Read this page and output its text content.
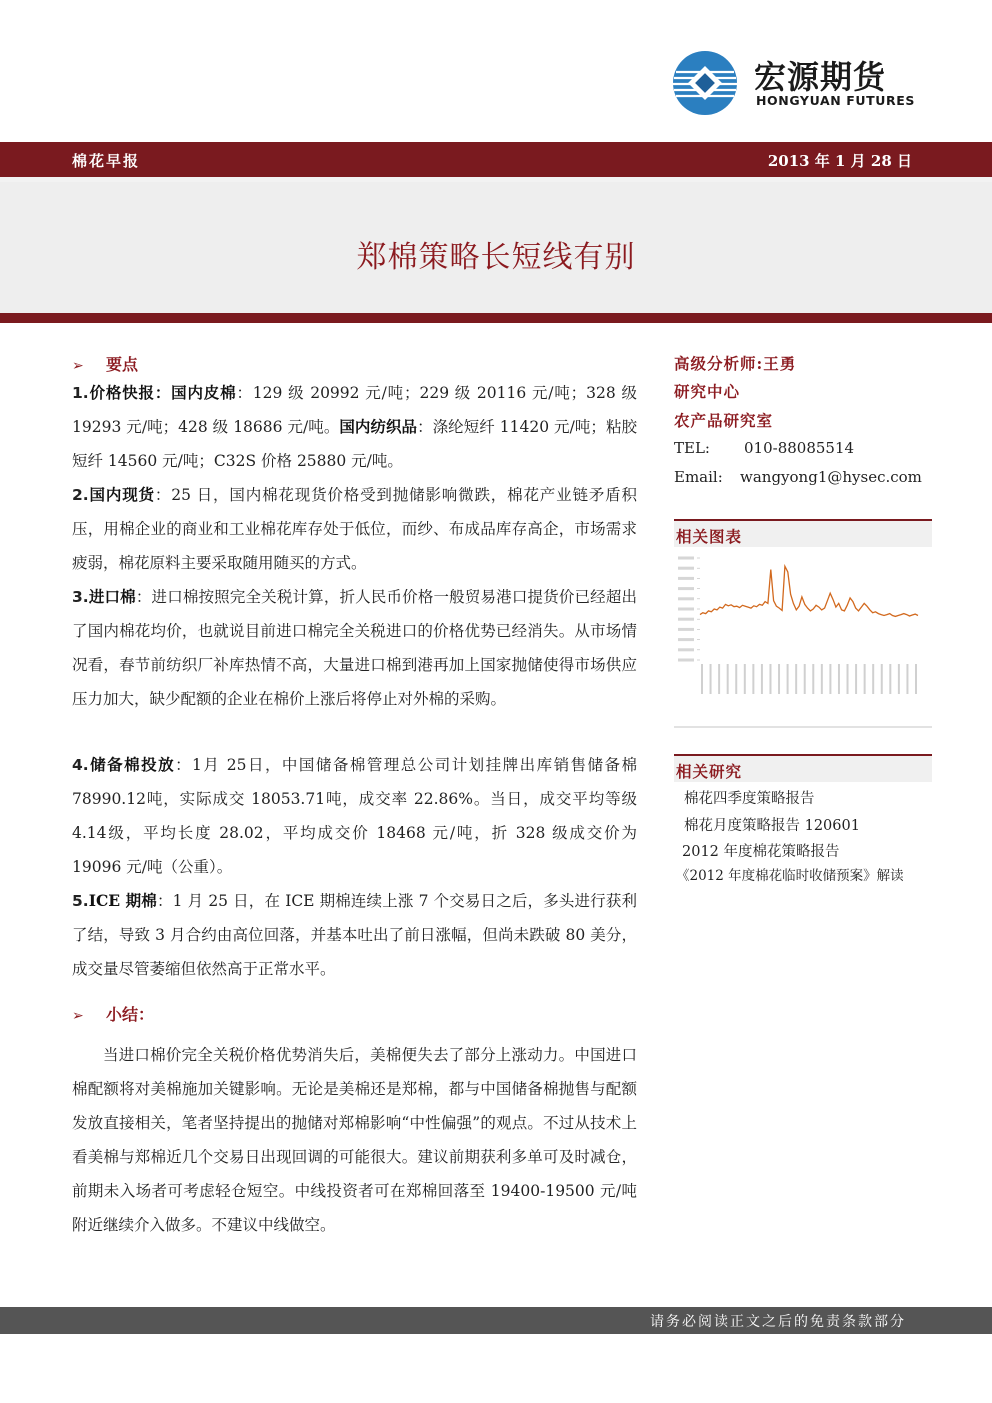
宏源期货
HONGYUAN FUTURES
棉花早报	2013 年 1 月 28 日
郑棉策略长短线有别
➢ 要点
1.价格快报：国内皮棉：129 级 20992 元/吨；229 级 20116 元/吨；328 级 19293 元/吨；428 级 18686 元/吨。国内纺织品：涤纶短纤 11420 元/吨；粘胶短纤 14560 元/吨；C32S 价格 25880 元/吨。
2.国内现货：25 日，国内棉花现货价格受到抛储影响微跌，棉花产业链矛盾积压，用棉企业的商业和工业棉花库存处于低位，而纱、布成品库存高企，市场需求疲弱，棉花原料主要采取随用随买的方式。
3.进口棉：进口棉按照完全关税计算，折人民币价格一般贸易港口提货价已经超出了国内棉花均价，也就说目前进口棉完全关税进口的价格优势已经消失。从市场情况看，春节前纺织厂补库热情不高，大量进口棉到港再加上国家抛储使得市场供应压力加大，缺少配额的企业在棉价上涨后将停止对外棉的采购。
4.储备棉投放：1月 25日，中国储备棉管理总公司计划挂牌出库销售储备棉 78990.12吨，实际成交 18053.71吨，成交率 22.86%。当日，成交平均等级 4.14级，平均长度 28.02，平均成交价 18468 元/吨，折 328 级成交价为 19096 元/吨（公重）。
5.ICE 期棉：1 月 25 日，在 ICE 期棉连续上涨 7 个交易日之后，多头进行获利了结，导致 3 月合约由高位回落，并基本吐出了前日涨幅，但尚未跌破 80 美分，成交量尽管萎缩但依然高于正常水平。
➢ 小结：
当进口棉价完全关税价格优势消失后，美棉便失去了部分上涨动力。中国进口棉配额将对美棉施加关键影响。无论是美棉还是郑棉，都与中国储备棉抛售与配额发放直接相关，笔者坚持提出的抛储对郑棉影响“中性偏强”的观点。不过从技术上看美棉与郑棉近几个交易日出现回调的可能很大。建议前期获利多单可及时减仓，前期未入场者可考虑轻仓短空。中线投资者可在郑棉回落至 19400-19500 元/吨附近继续介入做多。不建议中线做空。
高级分析师:王勇
研究中心
农产品研究室
TEL: 010-88085514
Email: wangyong1@hysec.com
相关图表
相关研究
棉花四季度策略报告
棉花月度策略报告 120601
2012 年度棉花策略报告
《2012 年度棉花临时收储预案》解读
请务必阅读正文之后的免责条款部分
